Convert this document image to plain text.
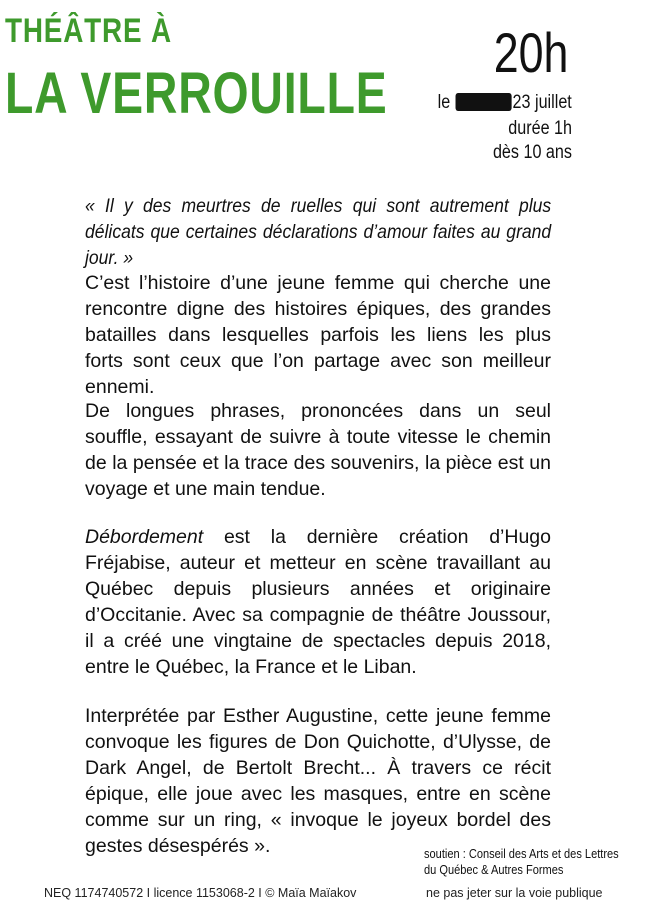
THÉÂTRE À
LA VERROUILLE
20h
le	23 juillet
durée 1h
dès 10 ans

« Il y des meurtres de ruelles qui sont autrement plus délicats que certaines déclarations d’amour faites au grand jour. »

C’est l’histoire d’une jeune femme qui cherche une rencontre digne des histoires épiques, des grandes batailles dans lesquelles parfois les liens les plus forts sont ceux que l’on partage avec son meilleur ennemi.

De longues phrases, prononcées dans un seul souffle, essayant de suivre à toute vitesse le chemin de la pensée et la trace des souvenirs, la pièce est un voyage et une main tendue.

Débordement est la dernière création d’Hugo Fréjabise, auteur et metteur en scène travaillant au Québec depuis plusieurs années et originaire d’Occitanie. Avec sa compagnie de théâtre Joussour, il a créé une vingtaine de spectacles depuis 2018, entre le Québec, la France et le Liban.

Interprétée par Esther Augustine, cette jeune femme convoque les figures de Don Quichotte, d’Ulysse, de Dark Angel, de Bertolt Brecht... À travers ce récit épique, elle joue avec les masques, entre en scène comme sur un ring, « invoque le joyeux bordel des gestes désespérés ».	soutien : Conseil des Arts et des Lettres
du Québec & Autres Formes
NEQ 1174740572 I licence 1153068-2 I © Maïa Maïakov	ne pas jeter sur la voie publique
